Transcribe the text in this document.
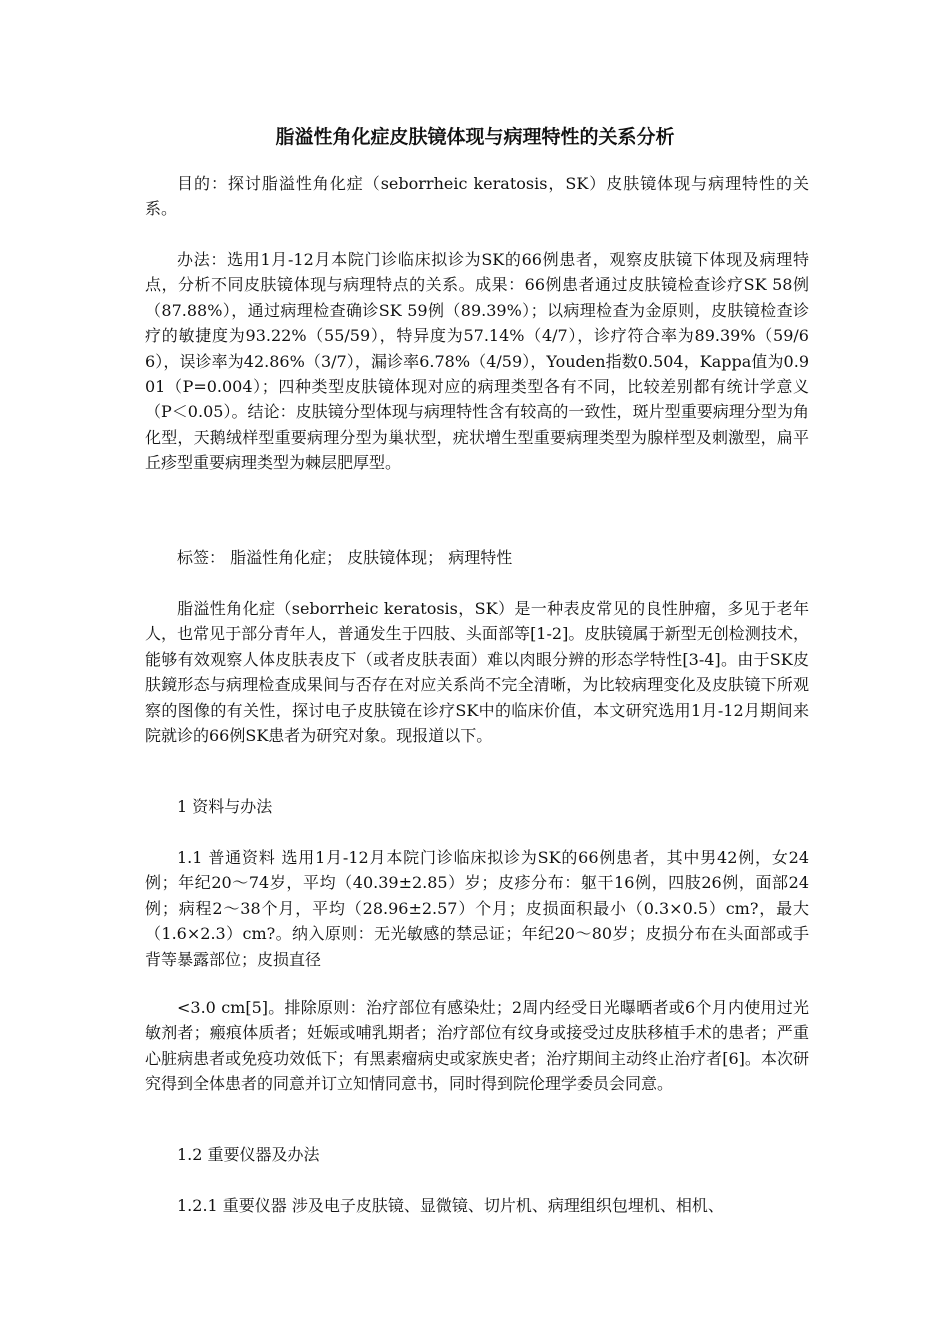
脂溢性角化症皮肤镜体现与病理特性的关系分析

目的：探讨脂溢性角化症（seborrheic keratosis，SK）皮肤镜体现与病理特性的关系。

办法：选用1月-12月本院门诊临床拟诊为SK的66例患者，观察皮肤镜下体现及病理特点，分析不同皮肤镜体现与病理特点的关系。成果：66例患者通过皮肤镜检查诊疗SK 58例（87.88%），通过病理检查确诊SK 59例（89.39%）；以病理检查为金原则，皮肤镜检查诊疗的敏捷度为93.22%（55/59），特异度为57.14%（4/7），诊疗符合率为89.39%（59/66），误诊率为42.86%（3/7），漏诊率6.78%（4/59），Youden指数0.504，Kappa值为0.901（P=0.004）；四种类型皮肤镜体现对应的病理类型各有不同，比较差别都有统计学意义（P＜0.05）。结论：皮肤镜分型体现与病理特性含有较高的一致性，斑片型重要病理分型为角化型，天鹅绒样型重要病理分型为巢状型，疣状增生型重要病理类型为腺样型及刺激型，扁平丘疹型重要病理类型为棘层肥厚型。

标签： 脂溢性角化症； 皮肤镜体现； 病理特性

脂溢性角化症（seborrheic keratosis，SK）是一种表皮常见的良性肿瘤，多见于老年人，也常见于部分青年人，普通发生于四肢、头面部等[1-2]。皮肤镜属于新型无创检测技术，能够有效观察人体皮肤表皮下（或者皮肤表面）难以肉眼分辨的形态学特性[3-4]。由于SK皮肤鏡形态与病理检查成果间与否存在对应关系尚不完全清晰，为比较病理变化及皮肤镜下所观察的图像的有关性，探讨电子皮肤镜在诊疗SK中的临床价值，本文研究选用1月-12月期间来院就诊的66例SK患者为研究对象。现报道以下。

1 资料与办法

1.1 普通资料 选用1月-12月本院门诊临床拟诊为SK的66例患者，其中男42例，女24例；年纪20～74岁，平均（40.39±2.85）岁；皮疹分布：躯干16例，四肢26例，面部24例；病程2～38个月，平均（28.96±2.57）个月；皮损面积最小（0.3×0.5）cm?，最大（1.6×2.3）cm?。纳入原则：无光敏感的禁忌证；年纪20～80岁；皮损分布在头面部或手背等暴露部位；皮损直径

<3.0 cm[5]。排除原则：治疗部位有感染灶；2周内经受日光曝晒者或6个月内使用过光敏剂者；瘢痕体质者；妊娠或哺乳期者；治疗部位有纹身或接受过皮肤移植手术的患者；严重心脏病患者或免疫功效低下；有黑素瘤病史或家族史者；治疗期间主动终止治疗者[6]。本次研究得到全体患者的同意并订立知情同意书，同时得到院伦理学委员会同意。

1.2 重要仪器及办法

1.2.1 重要仪器 涉及电子皮肤镜、显微镜、切片机、病理组织包埋机、相机、
